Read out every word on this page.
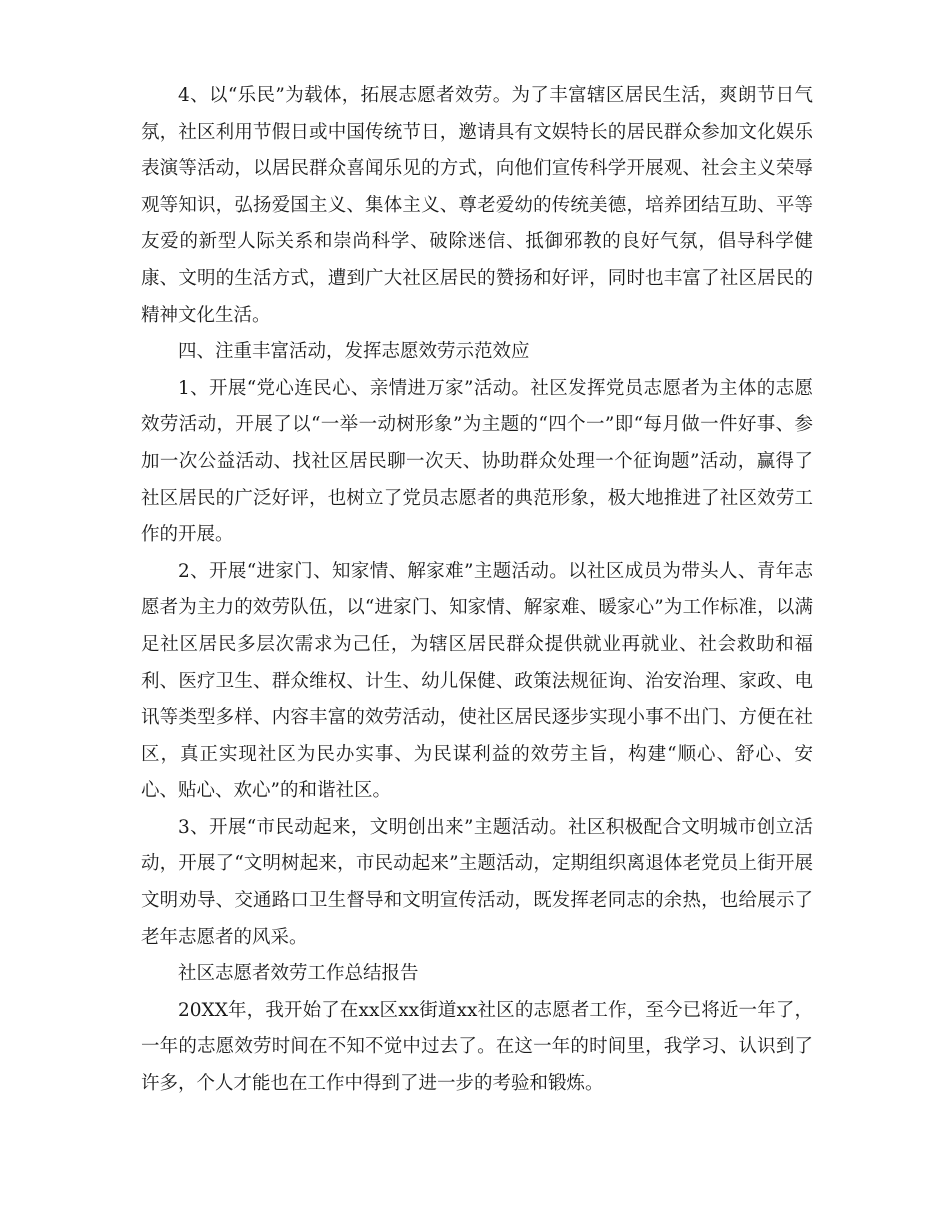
4、以“乐民”为载体，拓展志愿者效劳。为了丰富辖区居民生活，爽朗节日气氛，社区利用节假日或中国传统节日，邀请具有文娱特长的居民群众参加文化娱乐表演等活动，以居民群众喜闻乐见的方式，向他们宣传科学开展观、社会主义荣辱观等知识，弘扬爱国主义、集体主义、尊老爱幼的传统美德，培养团结互助、平等友爱的新型人际关系和崇尚科学、破除迷信、抵御邪教的良好气氛，倡导科学健康、文明的生活方式，遭到广大社区居民的赞扬和好评，同时也丰富了社区居民的精神文化生活。

四、注重丰富活动，发挥志愿效劳示范效应

1、开展“党心连民心、亲情进万家”活动。社区发挥党员志愿者为主体的志愿效劳活动，开展了以“一举一动树形象”为主题的“四个一”即“每月做一件好事、参加一次公益活动、找社区居民聊一次天、协助群众处理一个征询题”活动，赢得了社区居民的广泛好评，也树立了党员志愿者的典范形象，极大地推进了社区效劳工作的开展。

2、开展“进家门、知家情、解家难”主题活动。以社区成员为带头人、青年志愿者为主力的效劳队伍，以“进家门、知家情、解家难、暖家心”为工作标准，以满足社区居民多层次需求为己任，为辖区居民群众提供就业再就业、社会救助和福利、医疗卫生、群众维权、计生、幼儿保健、政策法规征询、治安治理、家政、电讯等类型多样、内容丰富的效劳活动，使社区居民逐步实现小事不出门、方便在社区，真正实现社区为民办实事、为民谋利益的效劳主旨，构建“顺心、舒心、安心、贴心、欢心”的和谐社区。

3、开展“市民动起来，文明创出来”主题活动。社区积极配合文明城市创立活动，开展了“文明树起来，市民动起来”主题活动，定期组织离退体老党员上街开展文明劝导、交通路口卫生督导和文明宣传活动，既发挥老同志的余热，也给展示了老年志愿者的风采。

社区志愿者效劳工作总结报告

20XX年，我开始了在xx区xx街道xx社区的志愿者工作，至今已将近一年了，一年的志愿效劳时间在不知不觉中过去了。在这一年的时间里，我学习、认识到了许多，个人才能也在工作中得到了进一步的考验和锻炼。
